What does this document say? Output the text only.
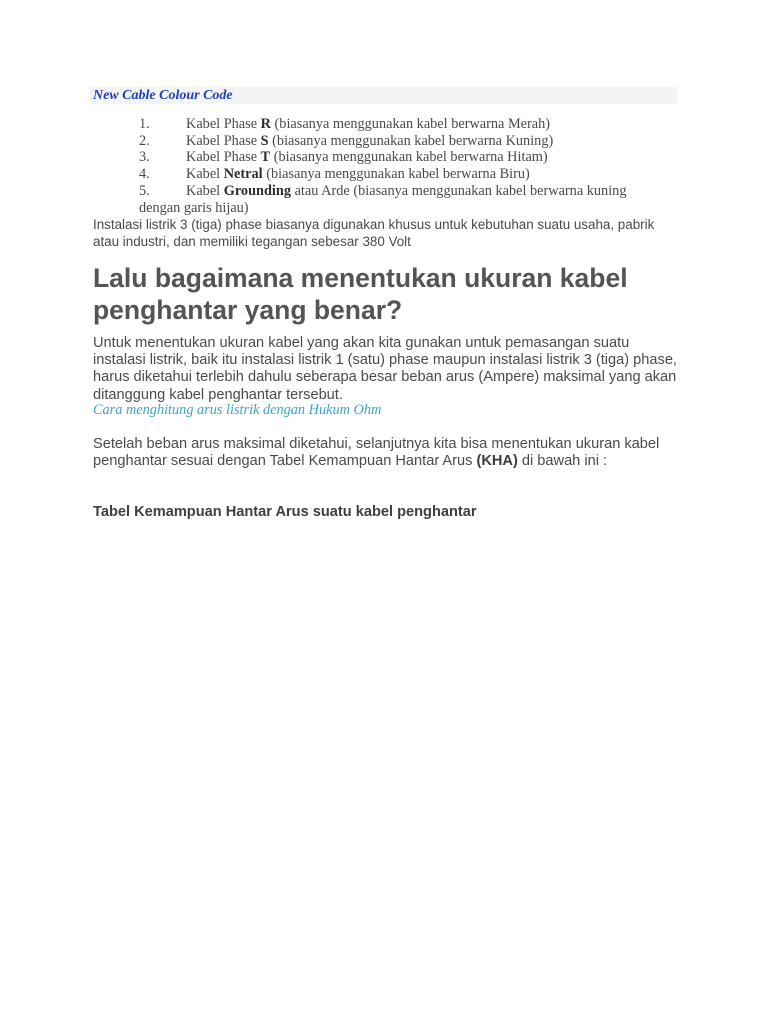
New Cable Colour Code
1.	Kabel Phase R (biasanya menggunakan kabel berwarna Merah)
2.	Kabel Phase S (biasanya menggunakan kabel berwarna Kuning)
3.	Kabel Phase T (biasanya menggunakan kabel berwarna Hitam)
4.	Kabel Netral (biasanya menggunakan kabel berwarna Biru)
5.	Kabel Grounding atau Arde (biasanya menggunakan kabel berwarna kuning
dengan garis hijau)

Instalasi listrik 3 (tiga) phase biasanya digunakan khusus untuk kebutuhan suatu usaha, pabrik atau industri, dan memiliki tegangan sebesar 380 Volt

Lalu bagaimana menentukan ukuran kabel penghantar yang benar?

Untuk menentukan ukuran kabel yang akan kita gunakan untuk pemasangan suatu instalasi listrik, baik itu instalasi listrik 1 (satu) phase maupun instalasi listrik 3 (tiga) phase, harus diketahui terlebih dahulu seberapa besar beban arus (Ampere) maksimal yang akan ditanggung kabel penghantar tersebut.

Cara menghitung arus listrik dengan Hukum Ohm

Setelah beban arus maksimal diketahui, selanjutnya kita bisa menentukan ukuran kabel penghantar sesuai dengan Tabel Kemampuan Hantar Arus (KHA) di bawah ini :

Tabel Kemampuan Hantar Arus suatu kabel penghantar
